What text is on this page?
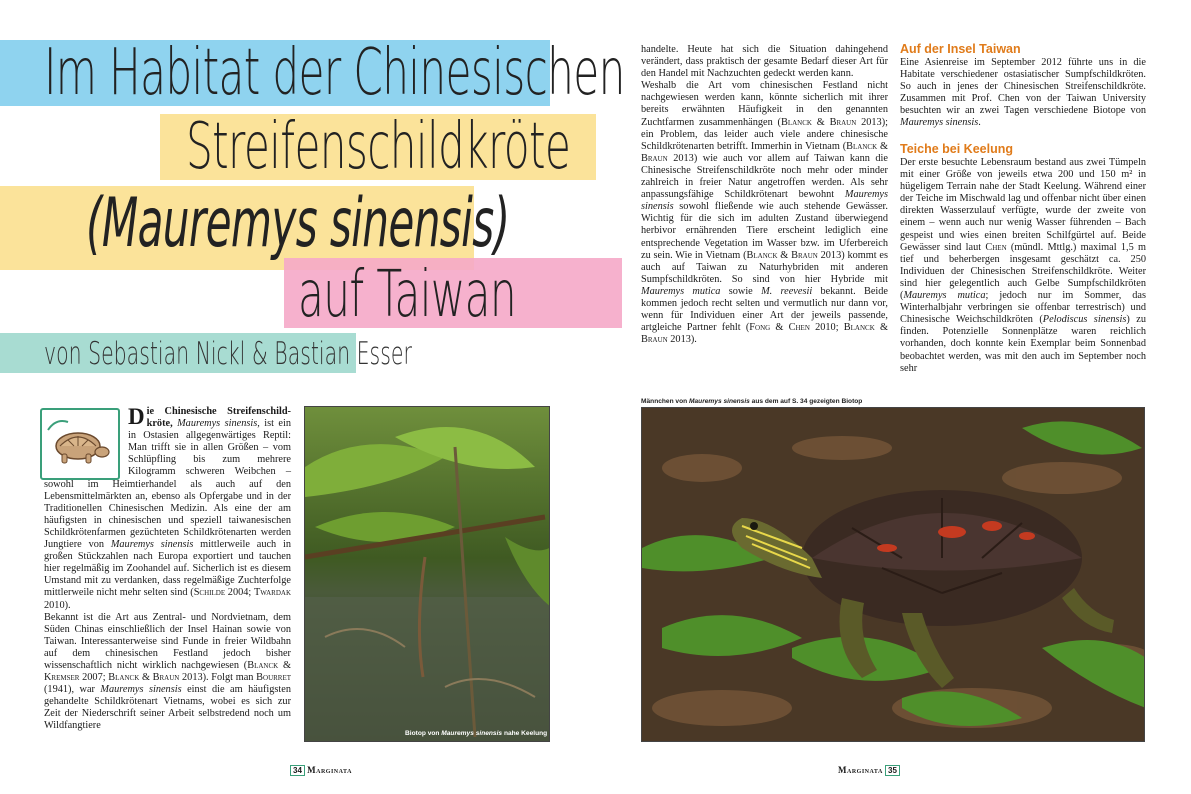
Im Habitat der Chinesischen
Streifenschildkröte
(Mauremys sinensis)
auf Taiwan
von Sebastian Nickl & Bastian Esser

Die Chinesische Streifenschild-kröte, Mauremys sinensis, ist ein in Ostasien allgegenwärtiges Reptil: Man trifft sie in allen Größen – vom Schlüpfling bis zum mehrere Kilogramm schweren Weibchen – sowohl im Heimtierhandel als auch auf den Lebensmittelmärkten an, ebenso als Opfergabe und in der Traditionellen Chinesischen Medizin. Als eine der am häufigsten in chinesischen und speziell taiwanesischen Schildkrötenfarmen gezüchteten Schildkrötenarten werden Jungtiere von Mauremys sinensis mittlerweile auch in großen Stückzahlen nach Europa exportiert und tauchen hier regelmäßig im Zoohandel auf. Sicherlich ist es diesem Umstand mit zu verdanken, dass regelmäßige Zuchterfolge mittlerweile nicht mehr selten sind (Schilde 2004; Twardak 2010).

Bekannt ist die Art aus Zentral- und Nordvietnam, dem Süden Chinas einschließlich der Insel Hainan sowie von Taiwan. Interessanterweise sind Funde in freier Wildbahn auf dem chinesischen Festland jedoch bisher wissenschaftlich nicht wirklich nachgewiesen (Blanck & Kremser 2007; Blanck & Braun 2013). Folgt man Bourret (1941), war Mauremys sinensis einst die am häufigsten gehandelte Schildkrötenart Vietnams, wobei es sich zur Zeit der Niederschrift seiner Arbeit selbstredend noch um Wildfangtiere

Biotop von Mauremys sinensis nahe Keelung

handelte. Heute hat sich die Situation dahingehend verändert, dass praktisch der gesamte Bedarf dieser Art für den Handel mit Nachzuchten gedeckt werden kann.

Weshalb die Art vom chinesischen Festland nicht nachgewiesen werden kann, könnte sicherlich mit ihrer bereits erwähnten Häufigkeit in den genannten Zuchtfarmen zusammenhängen (Blanck & Braun 2013); ein Problem, das leider auch viele andere chinesische Schildkrötenarten betrifft. Immerhin in Vietnam (Blanck & Braun 2013) wie auch vor allem auf Taiwan kann die Chinesische Streifenschildkröte noch mehr oder minder zahlreich in freier Natur angetroffen werden. Als sehr anpassungsfähige Schildkrötenart bewohnt Mauremys sinensis sowohl fließende wie auch stehende Gewässer. Wichtig für die sich im adulten Zustand überwiegend herbivor ernährenden Tiere erscheint lediglich eine entsprechende Vegetation im Wasser bzw. im Uferbereich zu sein. Wie in Vietnam (Blanck & Braun 2013) kommt es auch auf Taiwan zu Naturhybriden mit anderen Sumpfschildkröten. So sind von hier Hybride mit Mauremys mutica sowie M. reevesii bekannt. Beide kommen jedoch recht selten und vermutlich nur dann vor, wenn für Individuen einer Art der jeweils passende, artgleiche Partner fehlt (Fong & Chen 2010; Blanck & Braun 2013).

Auf der Insel Taiwan

Eine Asienreise im September 2012 führte uns in die Habitate verschiedener ostasiatischer Sumpfschildkröten. So auch in jenes der Chinesischen Streifenschildkröte. Zusammen mit Prof. Chen von der Taiwan University besuchten wir an zwei Tagen verschiedene Biotope von Mauremys sinensis.

Teiche bei Keelung

Der erste besuchte Lebensraum bestand aus zwei Tümpeln mit einer Größe von jeweils etwa 200 und 150 m² in hügeligem Terrain nahe der Stadt Keelung. Während einer der Teiche im Mischwald lag und offenbar nicht über einen direkten Wasserzulauf verfügte, wurde der zweite von einem – wenn auch nur wenig Wasser führenden – Bach gespeist und wies einen breiten Schilfgürtel auf. Beide Gewässer sind laut Chen (mündl. Mttlg.) maximal 1,5 m tief und beherbergen insgesamt geschätzt ca. 250 Individuen der Chinesischen Streifenschildkröte. Weiter sind hier gelegentlich auch Gelbe Sumpfschildkröten (Mauremys mutica; jedoch nur im Sommer, das Winterhalbjahr verbringen sie offenbar terrestrisch) und Chinesische Weichschildkröten (Pelodiscus sinensis) zu finden. Potenzielle Sonnenplätze waren reichlich vorhanden, doch konnte kein Exemplar beim Sonnenbad beobachtet werden, was mit den auch im September noch sehr

Männchen von Mauremys sinensis aus dem auf S. 34 gezeigten Biotop
34 Marginata	Marginata 35
